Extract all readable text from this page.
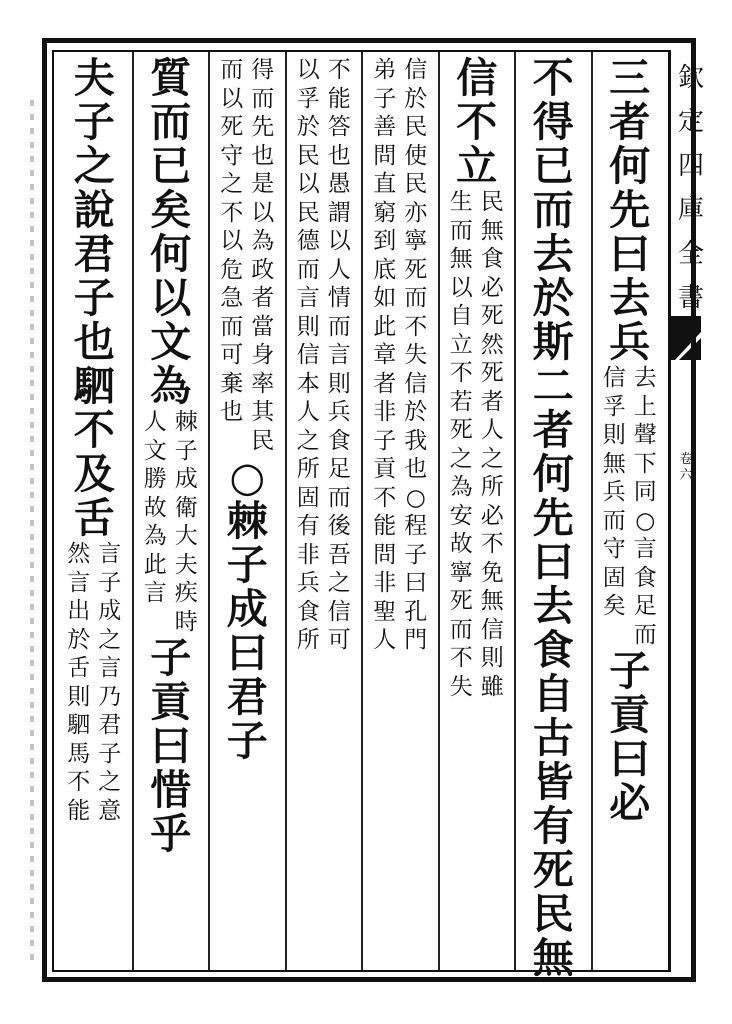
欽
定
四
庫
全
書
卷
六
三
者
何
先
曰
去
兵
去
上
聲
下
同
○
言
食
足
而
信
孚
則
無
兵
而
守
固
矣
子
貢
曰
必
不
得
已
而
去
於
斯
二
者
何
先
曰
去
食
自
古
皆
有
死
民
無
信
不
立
民
無
食
必
死
然
死
者
人
之
所
必
不
免
無
信
則
雖
生
而
無
以
自
立
不
若
死
之
為
安
故
寧
死
而
不
失
信
於
民
使
民
亦
寧
死
而
不
失
信
於
我
也
○
程
子
曰
孔
門
弟
子
善
問
直
窮
到
底
如
此
章
者
非
子
貢
不
能
問
非
聖
人
不
能
答
也
愚
謂
以
人
情
而
言
則
兵
食
足
而
後
吾
之
信
可
以
孚
於
民
以
民
德
而
言
則
信
本
人
之
所
固
有
非
兵
食
所
得
而
先
也
是
以
為
政
者
當
身
率
其
民
而
以
死
守
之
不
以
危
急
而
可
棄
也
○
棘
子
成
曰
君
子
質
而
已
矣
何
以
文
為
棘
子
成
衛
大
夫
疾
時
人
文
勝
故
為
此
言
子
貢
曰
惜
乎
夫
子
之
說
君
子
也
駟
不
及
舌
言
子
成
之
言
乃
君
子
之
意
然
言
出
於
舌
則
駟
馬
不
能
